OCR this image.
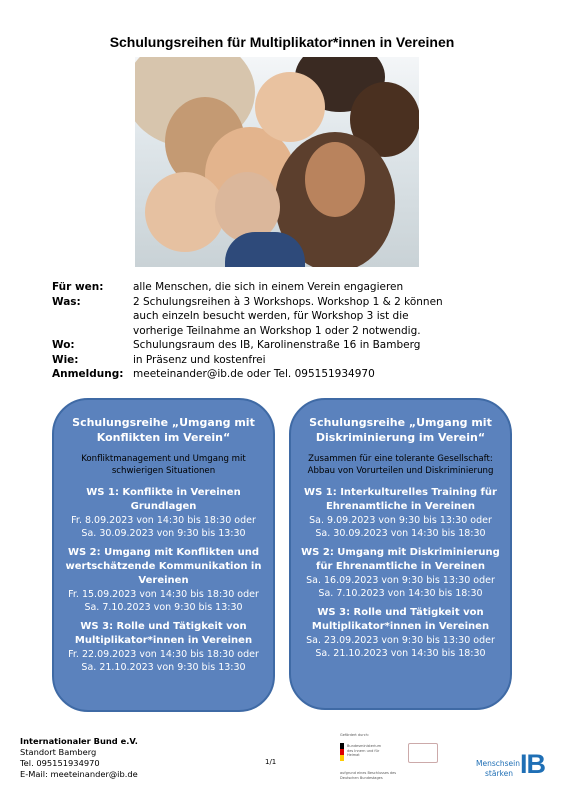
Schulungsreihen für Multiplikator*innen in Vereinen
Für wen:	alle Menschen, die sich in einem Verein engagieren
Was:	2 Schulungsreihen à 3 Workshops. Workshop 1 & 2 können auch einzeln besucht werden, für Workshop 3 ist die vorherige Teilnahme an Workshop 1 oder 2 notwendig.
Wo:	Schulungsraum des IB, Karolinenstraße 16 in Bamberg
Wie:	in Präsenz und kostenfrei
Anmeldung: meeteinander@ib.de oder Tel. 095151934970
Schulungsreihe „Umgang mit Konflikten im Verein“
Konfliktmanagement und Umgang mit schwierigen Situationen
WS 1: Konflikte in Vereinen Grundlagen
Fr. 8.09.2023 von 14:30 bis 18:30 oder
Sa. 30.09.2023 von 9:30 bis 13:30
WS 2: Umgang mit Konflikten und wertschätzende Kommunikation in Vereinen
Fr. 15.09.2023 von 14:30 bis 18:30 oder
Sa. 7.10.2023 von 9:30 bis 13:30
WS 3: Rolle und Tätigkeit von Multiplikator*innen in Vereinen
Fr. 22.09.2023 von 14:30 bis 18:30 oder
Sa. 21.10.2023 von 9:30 bis 13:30
Schulungsreihe „Umgang mit Diskriminierung im Verein“
Zusammen für eine tolerante Gesellschaft: Abbau von Vorurteilen und Diskriminierung
WS 1: Interkulturelles Training für Ehrenamtliche in Vereinen
Sa. 9.09.2023 von 9:30 bis 13:30 oder
Sa. 30.09.2023 von 14:30 bis 18:30
WS 2: Umgang mit Diskriminierung für Ehrenamtliche in Vereinen
Sa. 16.09.2023 von 9:30 bis 13:30 oder
Sa. 7.10.2023 von 14:30 bis 18:30
WS 3: Rolle und Tätigkeit von Multiplikator*innen in Vereinen
Sa. 23.09.2023 von 9:30 bis 13:30 oder
Sa. 21.10.2023 von 14:30 bis 18:30
Internationaler Bund e.V.
Standort Bamberg
Tel. 095151934970
E-Mail: meeteinander@ib.de
1/1
Gefördert durch:
Bundesministerium des Innern und für Heimat
aufgrund eines Beschlusses des Deutschen Bundestages
Menschsein
stärken IB
